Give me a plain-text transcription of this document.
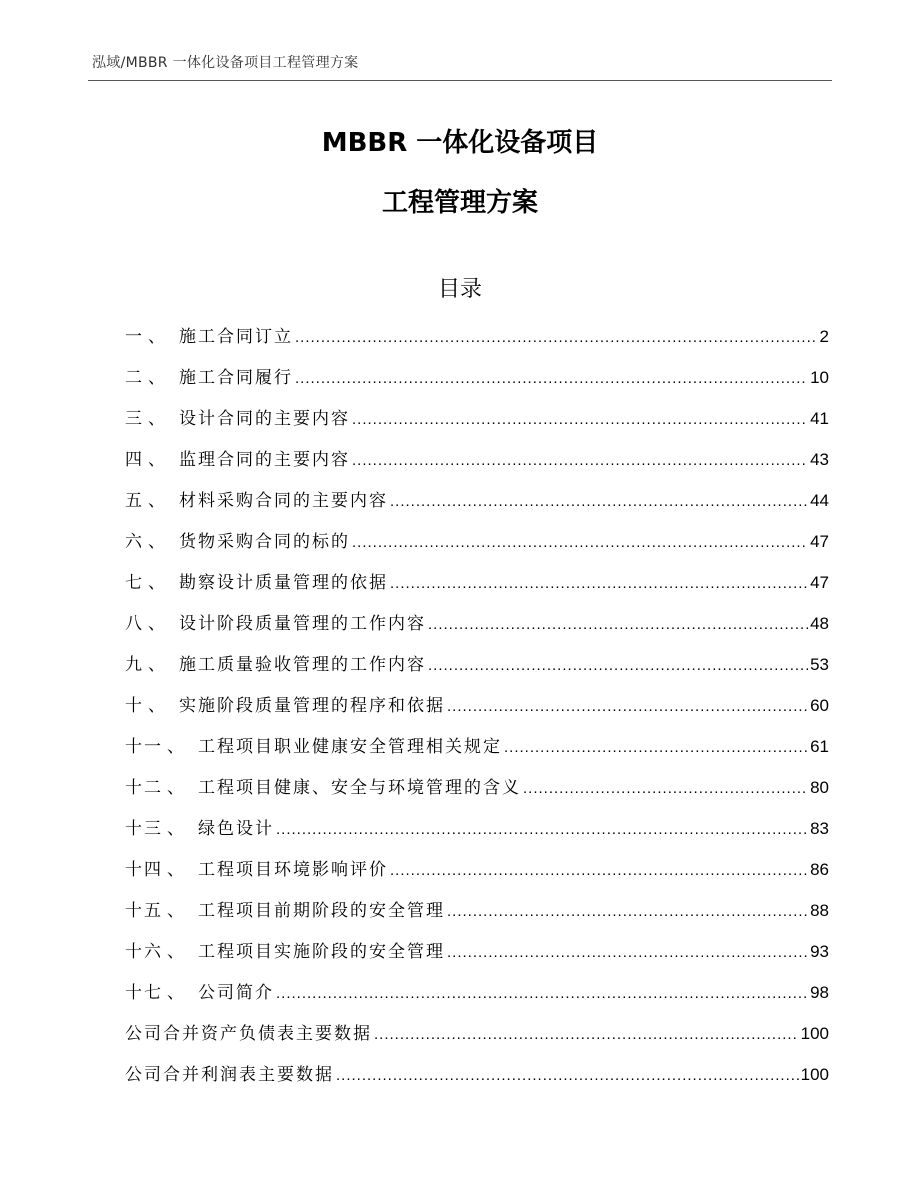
泓域/MBBR 一体化设备项目工程管理方案
MBBR 一体化设备项目
工程管理方案
目录
一 、 施工合同订立 .....	2
二 、 施工合同履行 .....	10
三 、 设计合同的主要内容 .....	41
四 、 监理合同的主要内容 .....	43
五 、 材料采购合同的主要内容 .....	44
六 、 货物采购合同的标的 .....	47
七 、 勘察设计质量管理的依据 .....	47
八 、 设计阶段质量管理的工作内容 .....	48
九 、 施工质量验收管理的工作内容 .....	53
十 、 实施阶段质量管理的程序和依据 .....	60
十一 、 工程项目职业健康安全管理相关规定 .....	61
十二 、 工程项目健康、安全与环境管理的含义 .....	80
十三 、 绿色设计 .....	83
十四 、 工程项目环境影响评价 .....	86
十五 、 工程项目前期阶段的安全管理 .....	88
十六 、 工程项目实施阶段的安全管理 .....	93
十七 、 公司简介 .....	98
公司合并资产负债表主要数据 .....	100
公司合并利润表主要数据 .....	100
